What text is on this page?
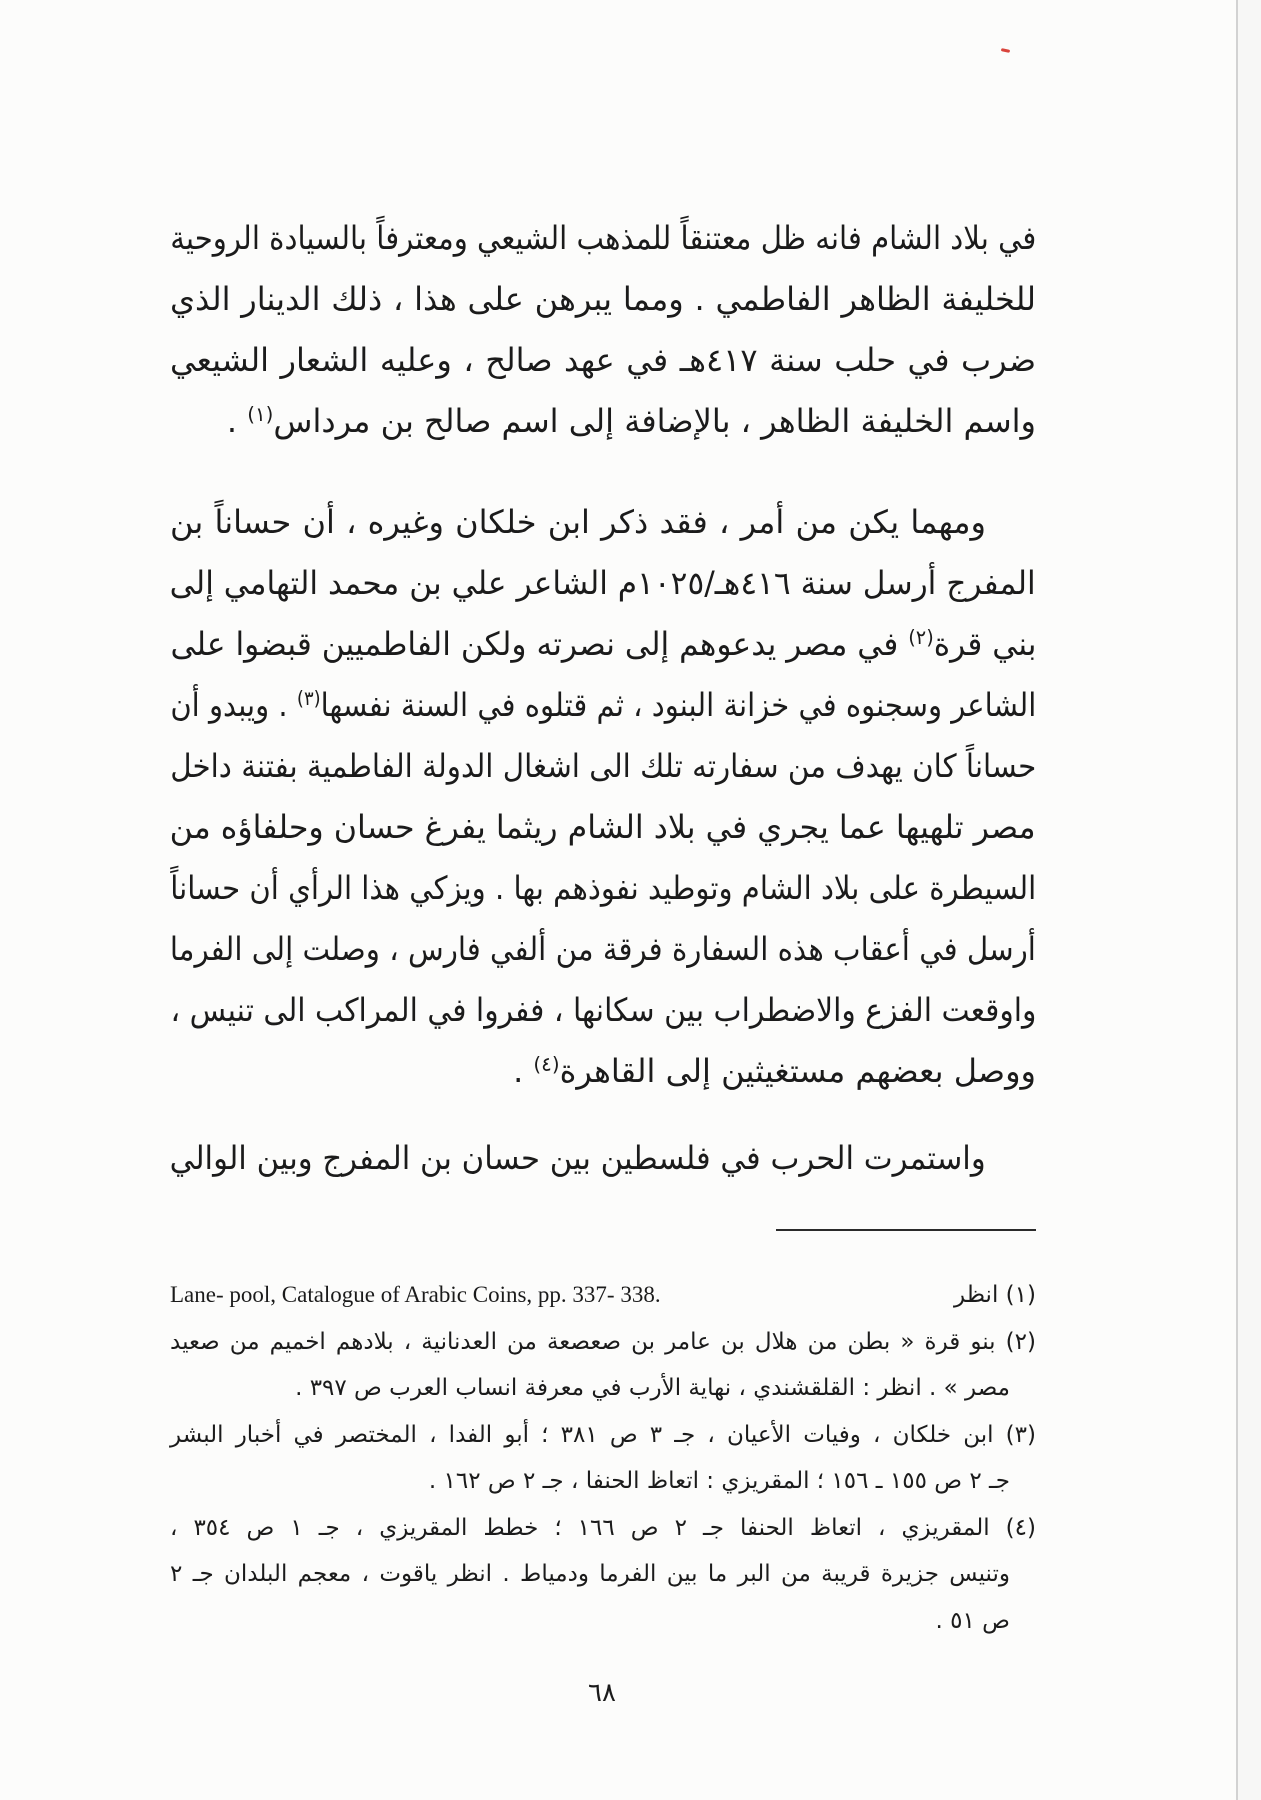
في بلاد الشام فانه ظل معتنقاً للمذهب الشيعي ومعترفاً بالسيادة الروحية
للخليفة الظاهر الفاطمي . ومما يبرهن على هذا ، ذلك الدينار الذي
ضرب في حلب سنة ٤١٧هـ في عهد صالح ، وعليه الشعار الشيعي
واسم الخليفة الظاهر ، بالإضافة إلى اسم صالح بن مرداس$^{(١)}$ .
ومهما يكن من أمر ، فقد ذكر ابن خلكان وغيره ، أن حساناً بن
المفرج أرسل سنة ٤١٦هـ/١٠٢٥م الشاعر علي بن محمد التهامي إلى
بني قرة$^{(٢)}$ في مصر يدعوهم إلى نصرته ولكن الفاطميين قبضوا على
الشاعر وسجنوه في خزانة البنود ، ثم قتلوه في السنة نفسها$^{(٣)}$ . ويبدو أن
حساناً كان يهدف من سفارته تلك الى اشغال الدولة الفاطمية بفتنة داخل
مصر تلهيها عما يجري في بلاد الشام ريثما يفرغ حسان وحلفاؤه من
السيطرة على بلاد الشام وتوطيد نفوذهم بها . ويزكي هذا الرأي أن حساناً
أرسل في أعقاب هذه السفارة فرقة من ألفي فارس ، وصلت إلى الفرما
واوقعت الفزع والاضطراب بين سكانها ، ففروا في المراكب الى تنيس ،
ووصل بعضهم مستغيثين إلى القاهرة$^{(٤)}$ .
واستمرت الحرب في فلسطين بين حسان بن المفرج وبين الوالي
(١) انظر
Lane- pool, Catalogue of Arabic Coins, pp. 337- 338.
(٢) بنو قرة « بطن من هلال بن عامر بن صعصعة من العدنانية ، بلادهم اخميم من صعيد
مصر » . انظر : القلقشندي ، نهاية الأرب في معرفة انساب العرب ص ٣٩٧ .
(٣) ابن خلكان ، وفيات الأعيان ، جـ ٣ ص ٣٨١ ؛ أبو الفدا ، المختصر في أخبار البشر
جـ ٢ ص ١٥٥ ـ ١٥٦ ؛ المقريزي : اتعاظ الحنفا ، جـ ٢ ص ١٦٢ .
(٤) المقريزي ، اتعاظ الحنفا جـ ٢ ص ١٦٦ ؛ خطط المقريزي ، جـ ١ ص ٣٥٤ ،
وتنيس جزيرة قريبة من البر ما بين الفرما ودمياط . انظر ياقوت ، معجم البلدان جـ ٢
ص ٥١ .
٦٨
